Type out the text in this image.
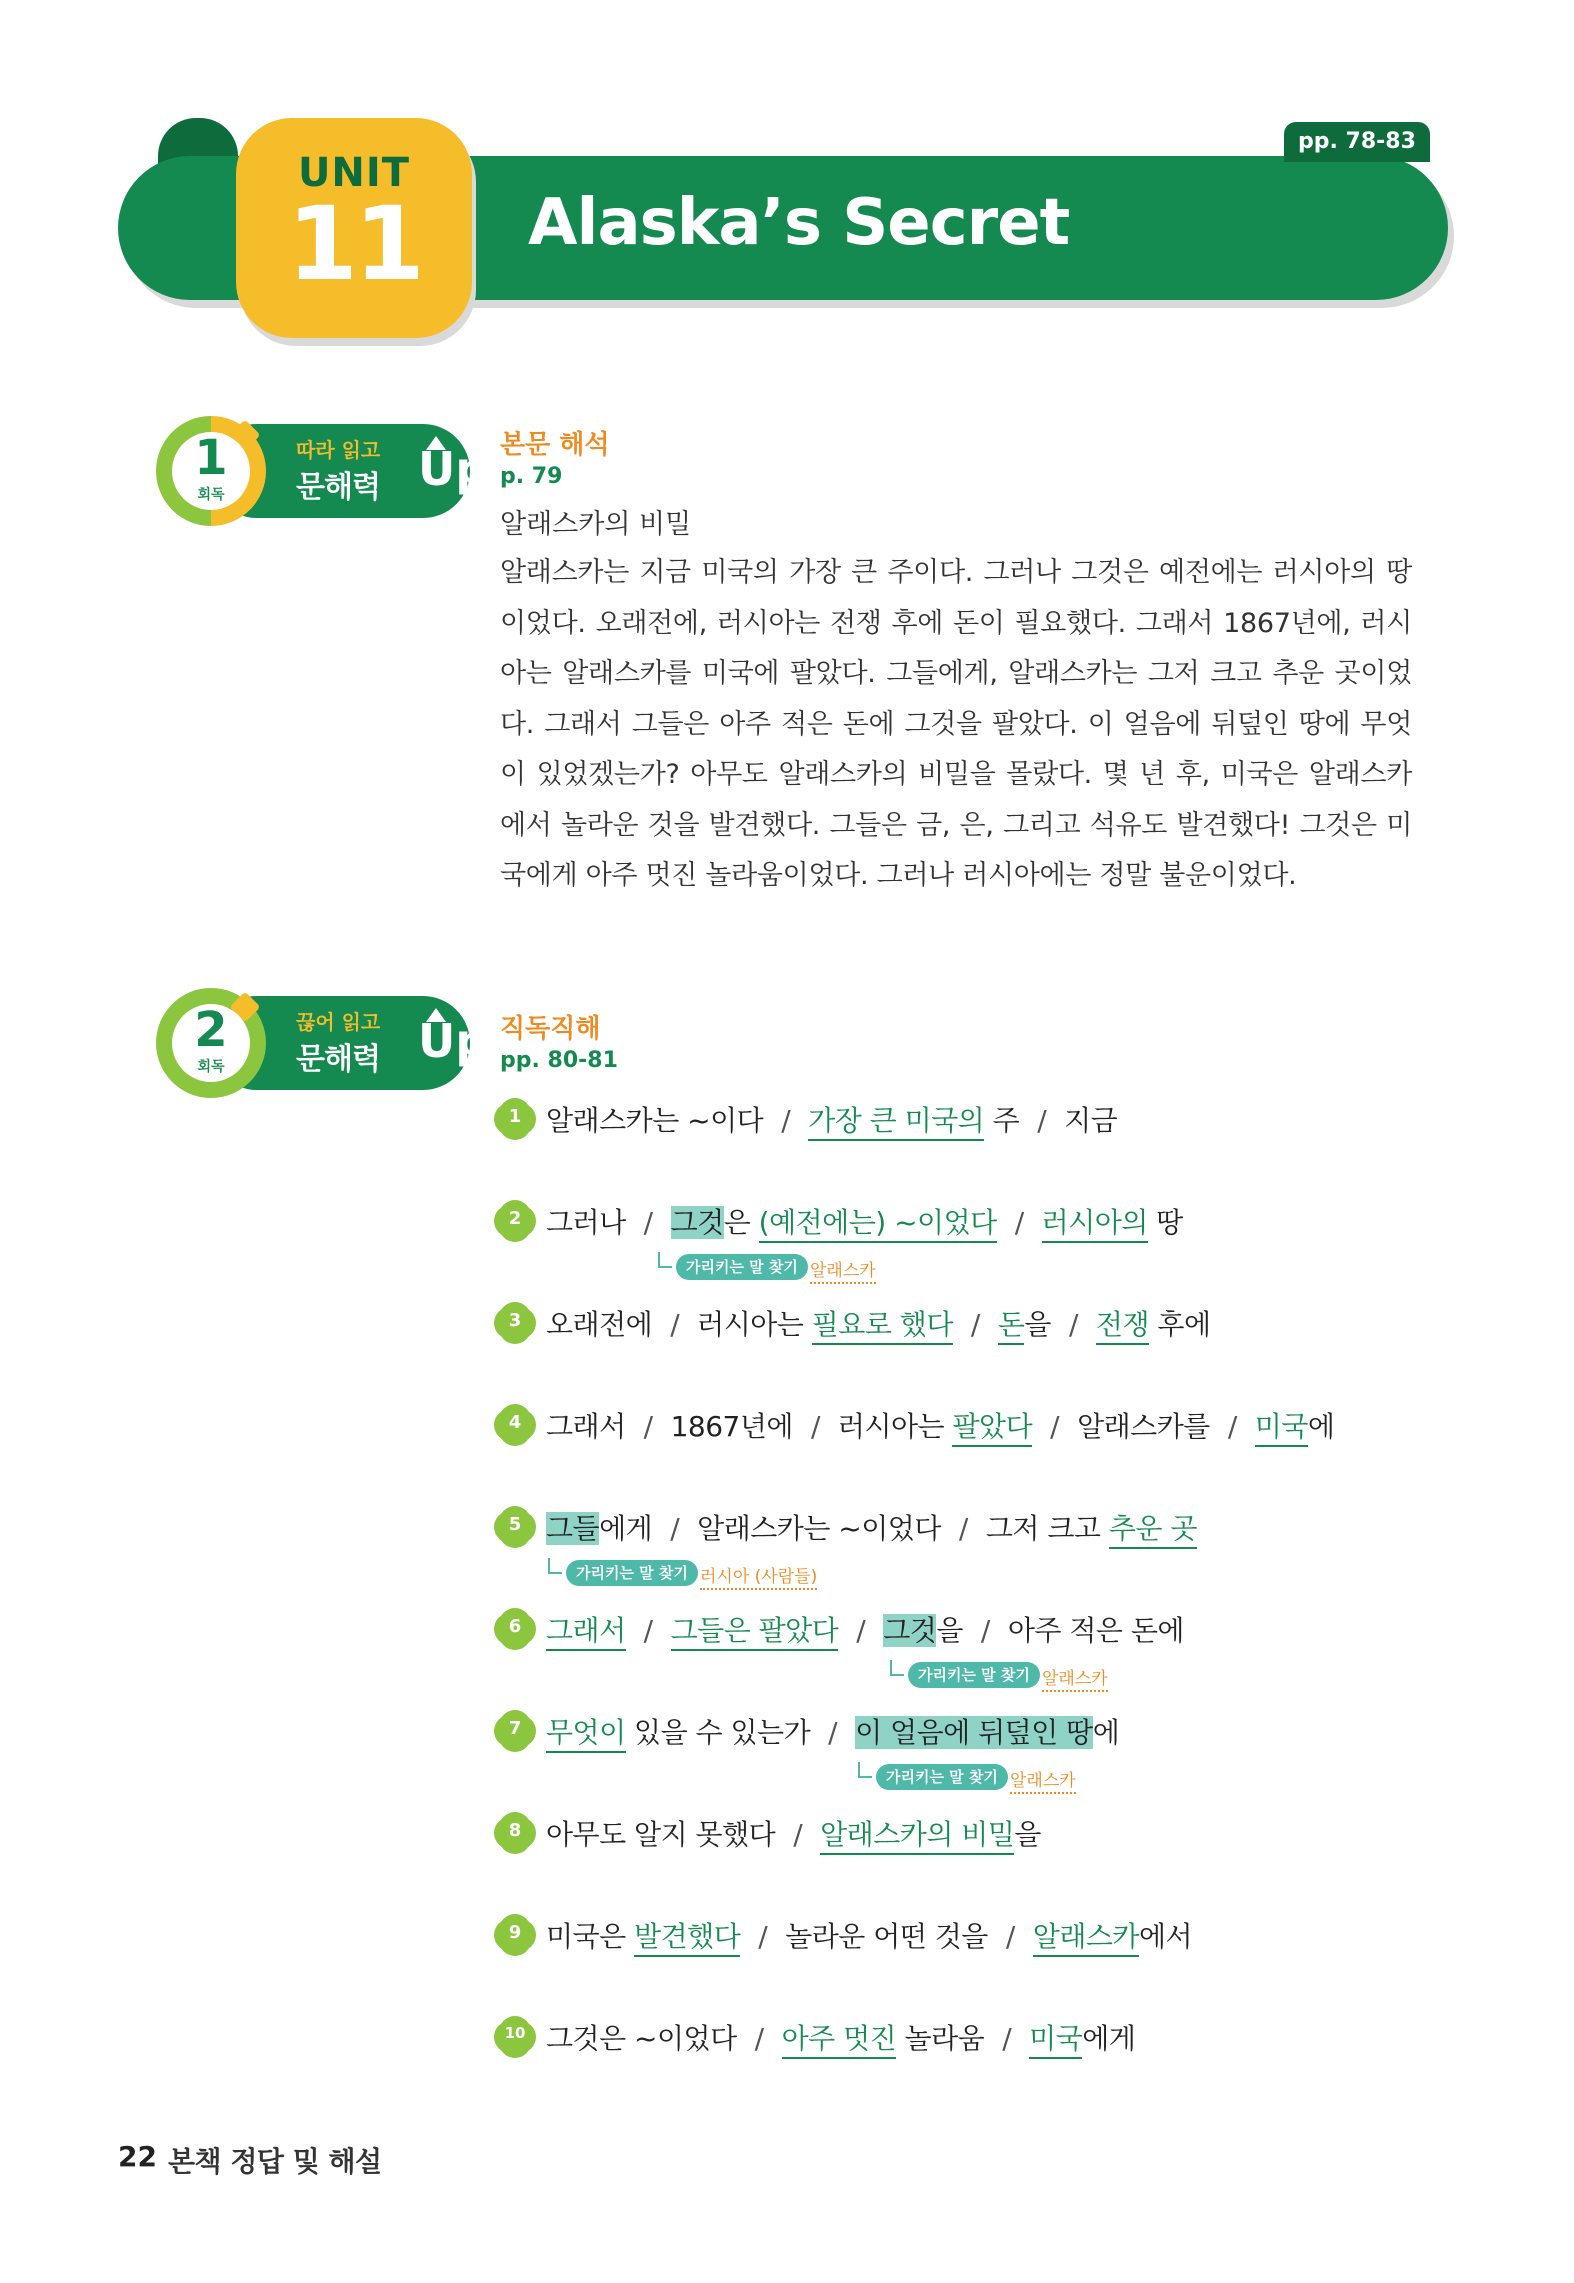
UNIT
11	Alaska’s Secret
pp. 78-83
1
회독
따라 읽고
문해력 Up 본문 해석
p. 79
알래스카의 비밀
알래스카는 지금 미국의 가장 큰 주이다. 그러나 그것은 예전에는 러시아의 땅이었다. 오래전에, 러시아는 전쟁 후에 돈이 필요했다. 그래서 1867년에, 러시아는 알래스카를 미국에 팔았다. 그들에게, 알래스카는 그저 크고 추운 곳이었다. 그래서 그들은 아주 적은 돈에 그것을 팔았다. 이 얼음에 뒤덮인 땅에 무엇이 있었겠는가? 아무도 알래스카의 비밀을 몰랐다. 몇 년 후, 미국은 알래스카에서 놀라운 것을 발견했다. 그들은 금, 은, 그리고 석유도 발견했다! 그것은 미국에게 아주 멋진 놀라움이었다. 그러나 러시아에는 정말 불운이었다.
2
회독
끊어 읽고
문해력 Up 직독직해
pp. 80-81
1 알래스카는 ~이다 / 가장 큰 미국의 주 / 지금
2 그러나 / 그것은 (예전에는) ~이었다 / 러시아의 땅
가리키는 말 찾기 알래스카
3 오래전에 / 러시아는 필요로 했다 / 돈을 / 전쟁 후에
4 그래서 / 1867년에 / 러시아는 팔았다 / 알래스카를 / 미국에
5 그들에게 / 알래스카는 ~이었다 / 그저 크고 추운 곳
가리키는 말 찾기 러시아 (사람들)
6 그래서 / 그들은 팔았다 / 그것을 / 아주 적은 돈에
가리키는 말 찾기 알래스카
7 무엇이 있을 수 있는가 / 이 얼음에 뒤덮인 땅에
가리키는 말 찾기 알래스카
8 아무도 알지 못했다 / 알래스카의 비밀을
9 미국은 발견했다 / 놀라운 어떤 것을 / 알래스카에서
10 그것은 ~이었다 / 아주 멋진 놀라움 / 미국에게
22 본책 정답 및 해설
